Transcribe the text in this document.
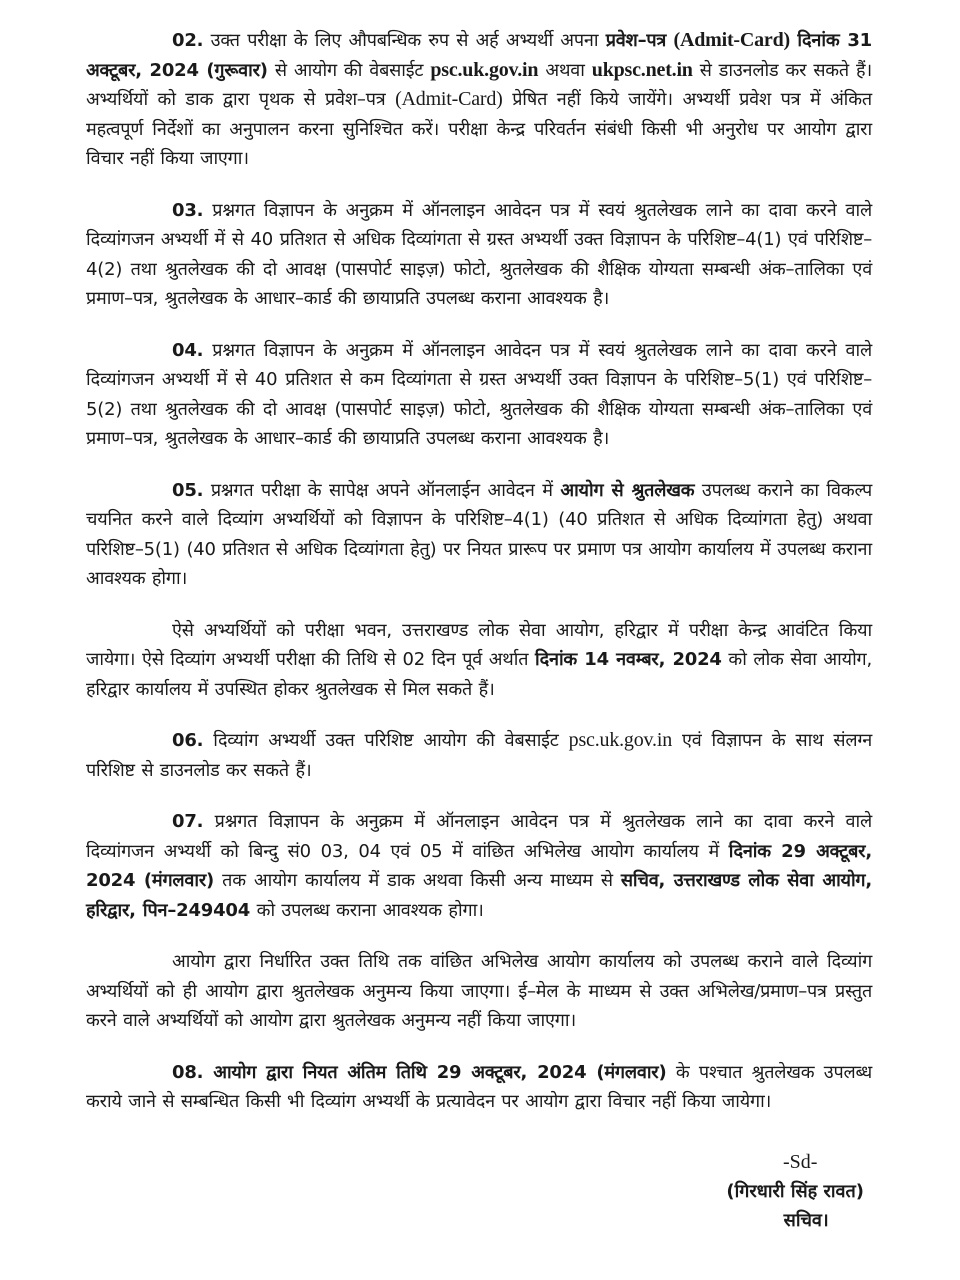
02. उक्त परीक्षा के लिए औपबन्धिक रुप से अर्ह अभ्यर्थी अपना प्रवेश–पत्र (Admit-Card) दिनांक 31 अक्टूबर, 2024 (गुरूवार) से आयोग की वेबसाईट psc.uk.gov.in अथवा ukpsc.net.in से डाउनलोड कर सकते हैं। अभ्यर्थियों को डाक द्वारा पृथक से प्रवेश–पत्र (Admit-Card) प्रेषित नहीं किये जायेंगे। अभ्यर्थी प्रवेश पत्र में अंकित महत्वपूर्ण निर्देशों का अनुपालन करना सुनिश्चित करें। परीक्षा केन्द्र परिवर्तन संबंधी किसी भी अनुरोध पर आयोग द्वारा विचार नहीं किया जाएगा।

03. प्रश्नगत विज्ञापन के अनुक्रम में ऑनलाइन आवेदन पत्र में स्वयं श्रुतलेखक लाने का दावा करने वाले दिव्यांगजन अभ्यर्थी में से 40 प्रतिशत से अधिक दिव्यांगता से ग्रस्त अभ्यर्थी उक्त विज्ञापन के परिशिष्ट–4(1) एवं परिशिष्ट–4(2) तथा श्रुतलेखक की दो आवक्ष (पासपोर्ट साइज़) फोटो, श्रुतलेखक की शैक्षिक योग्यता सम्बन्धी अंक–तालिका एवं प्रमाण–पत्र, श्रुतलेखक के आधार–कार्ड की छायाप्रति उपलब्ध कराना आवश्यक है।

04. प्रश्नगत विज्ञापन के अनुक्रम में ऑनलाइन आवेदन पत्र में स्वयं श्रुतलेखक लाने का दावा करने वाले दिव्यांगजन अभ्यर्थी में से 40 प्रतिशत से कम दिव्यांगता से ग्रस्त अभ्यर्थी उक्त विज्ञापन के परिशिष्ट–5(1) एवं परिशिष्ट–5(2) तथा श्रुतलेखक की दो आवक्ष (पासपोर्ट साइज़) फोटो, श्रुतलेखक की शैक्षिक योग्यता सम्बन्धी अंक–तालिका एवं प्रमाण–पत्र, श्रुतलेखक के आधार–कार्ड की छायाप्रति उपलब्ध कराना आवश्यक है।

05. प्रश्नगत परीक्षा के सापेक्ष अपने ऑनलाईन आवेदन में आयोग से श्रुतलेखक उपलब्ध कराने का विकल्प चयनित करने वाले दिव्यांग अभ्यर्थियों को विज्ञापन के परिशिष्ट–4(1) (40 प्रतिशत से अधिक दिव्यांगता हेतु) अथवा परिशिष्ट–5(1) (40 प्रतिशत से अधिक दिव्यांगता हेतु) पर नियत प्रारूप पर प्रमाण पत्र आयोग कार्यालय में उपलब्ध कराना आवश्यक होगा।

ऐसे अभ्यर्थियों को परीक्षा भवन, उत्तराखण्ड लोक सेवा आयोग, हरिद्वार में परीक्षा केन्द्र आवंटित किया जायेगा। ऐसे दिव्यांग अभ्यर्थी परीक्षा की तिथि से 02 दिन पूर्व अर्थात दिनांक 14 नवम्बर, 2024 को लोक सेवा आयोग, हरिद्वार कार्यालय में उपस्थित होकर श्रुतलेखक से मिल सकते हैं।

06. दिव्यांग अभ्यर्थी उक्त परिशिष्ट आयोग की वेबसाईट psc.uk.gov.in एवं विज्ञापन के साथ संलग्न परिशिष्ट से डाउनलोड कर सकते हैं।

07. प्रश्नगत विज्ञापन के अनुक्रम में ऑनलाइन आवेदन पत्र में श्रुतलेखक लाने का दावा करने वाले दिव्यांगजन अभ्यर्थी को बिन्दु सं0 03, 04 एवं 05 में वांछित अभिलेख आयोग कार्यालय में दिनांक 29 अक्टूबर, 2024 (मंगलवार) तक आयोग कार्यालय में डाक अथवा किसी अन्य माध्यम से सचिव, उत्तराखण्ड लोक सेवा आयोग, हरिद्वार, पिन–249404 को उपलब्ध कराना आवश्यक होगा।

आयोग द्वारा निर्धारित उक्त तिथि तक वांछित अभिलेख आयोग कार्यालय को उपलब्ध कराने वाले दिव्यांग अभ्यर्थियों को ही आयोग द्वारा श्रुतलेखक अनुमन्य किया जाएगा। ई–मेल के माध्यम से उक्त अभिलेख/प्रमाण–पत्र प्रस्तुत करने वाले अभ्यर्थियों को आयोग द्वारा श्रुतलेखक अनुमन्य नहीं किया जाएगा।

08. आयोग द्वारा नियत अंतिम तिथि 29 अक्टूबर, 2024 (मंगलवार) के पश्चात श्रुतलेखक उपलब्ध कराये जाने से सम्बन्धित किसी भी दिव्यांग अभ्यर्थी के प्रत्यावेदन पर आयोग द्वारा विचार नहीं किया जायेगा।

-Sd-
(गिरधारी सिंह रावत)
सचिव।
